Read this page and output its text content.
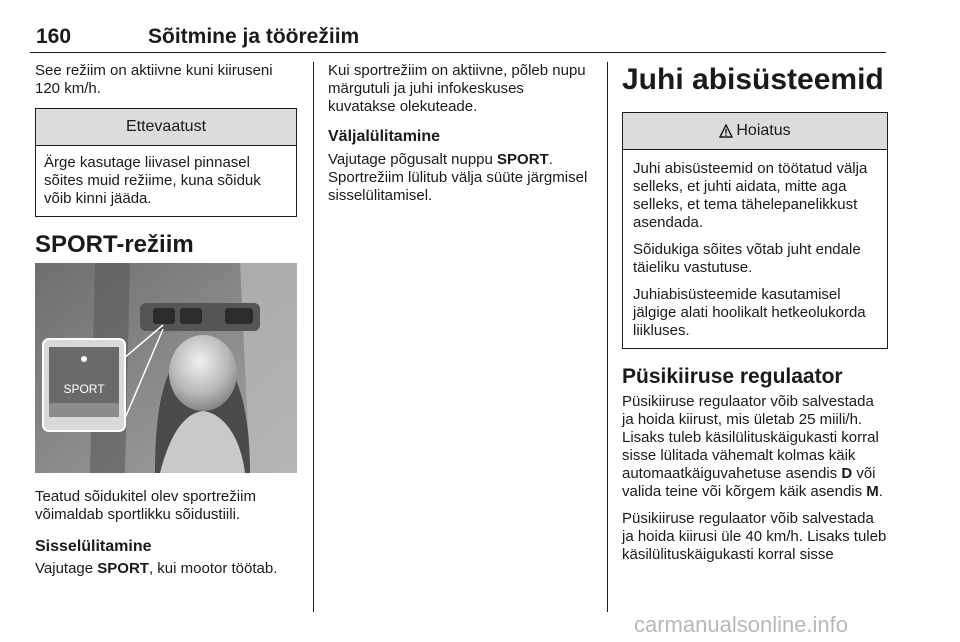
160	Sõitmine ja töörežiim

See režiim on aktiivne kuni kiiruseni 120 km/h.

Ettevaatust

Ärge kasutage liivasel pinnasel sõites muid režiime, kuna sõiduk võib kinni jääda.

SPORT-režiim
SPORT

Teatud sõidukitel olev sportrežiim võimaldab sportlikku sõidustiili.

Sisselülitamine

Vajutage SPORT, kui mootor töötab.

Kui sportrežiim on aktiivne, põleb nupu märgutuli ja juhi infokeskuses kuvatakse olekuteade.

Väljalülitamine

Vajutage põgusalt nuppu SPORT. Sportrežiim lülitub välja süüte järgmisel sisselülitamisel.

Juhi abisüsteemid
Hoiatus

Juhi abisüsteemid on töötatud välja selleks, et juhti aidata, mitte aga selleks, et tema tähelepanelikkust asendada.

Sõidukiga sõites võtab juht endale täieliku vastutuse.

Juhiabisüsteemide kasutamisel jälgige alati hoolikalt hetkeolukorda liikluses.

Püsikiiruse regulaator

Püsikiiruse regulaator võib salvestada ja hoida kiirust, mis ületab 25 miili/h. Lisaks tuleb käsilülituskäigukasti korral sisse lülitada vähemalt kolmas käik automaatkäiguvahetuse asendis D või valida teine või kõrgem käik asendis M.

Püsikiiruse regulaator võib salvestada ja hoida kiirusi üle 40 km/h. Lisaks tuleb käsilülituskäigukasti korral sisse

carmanualsonline.info
